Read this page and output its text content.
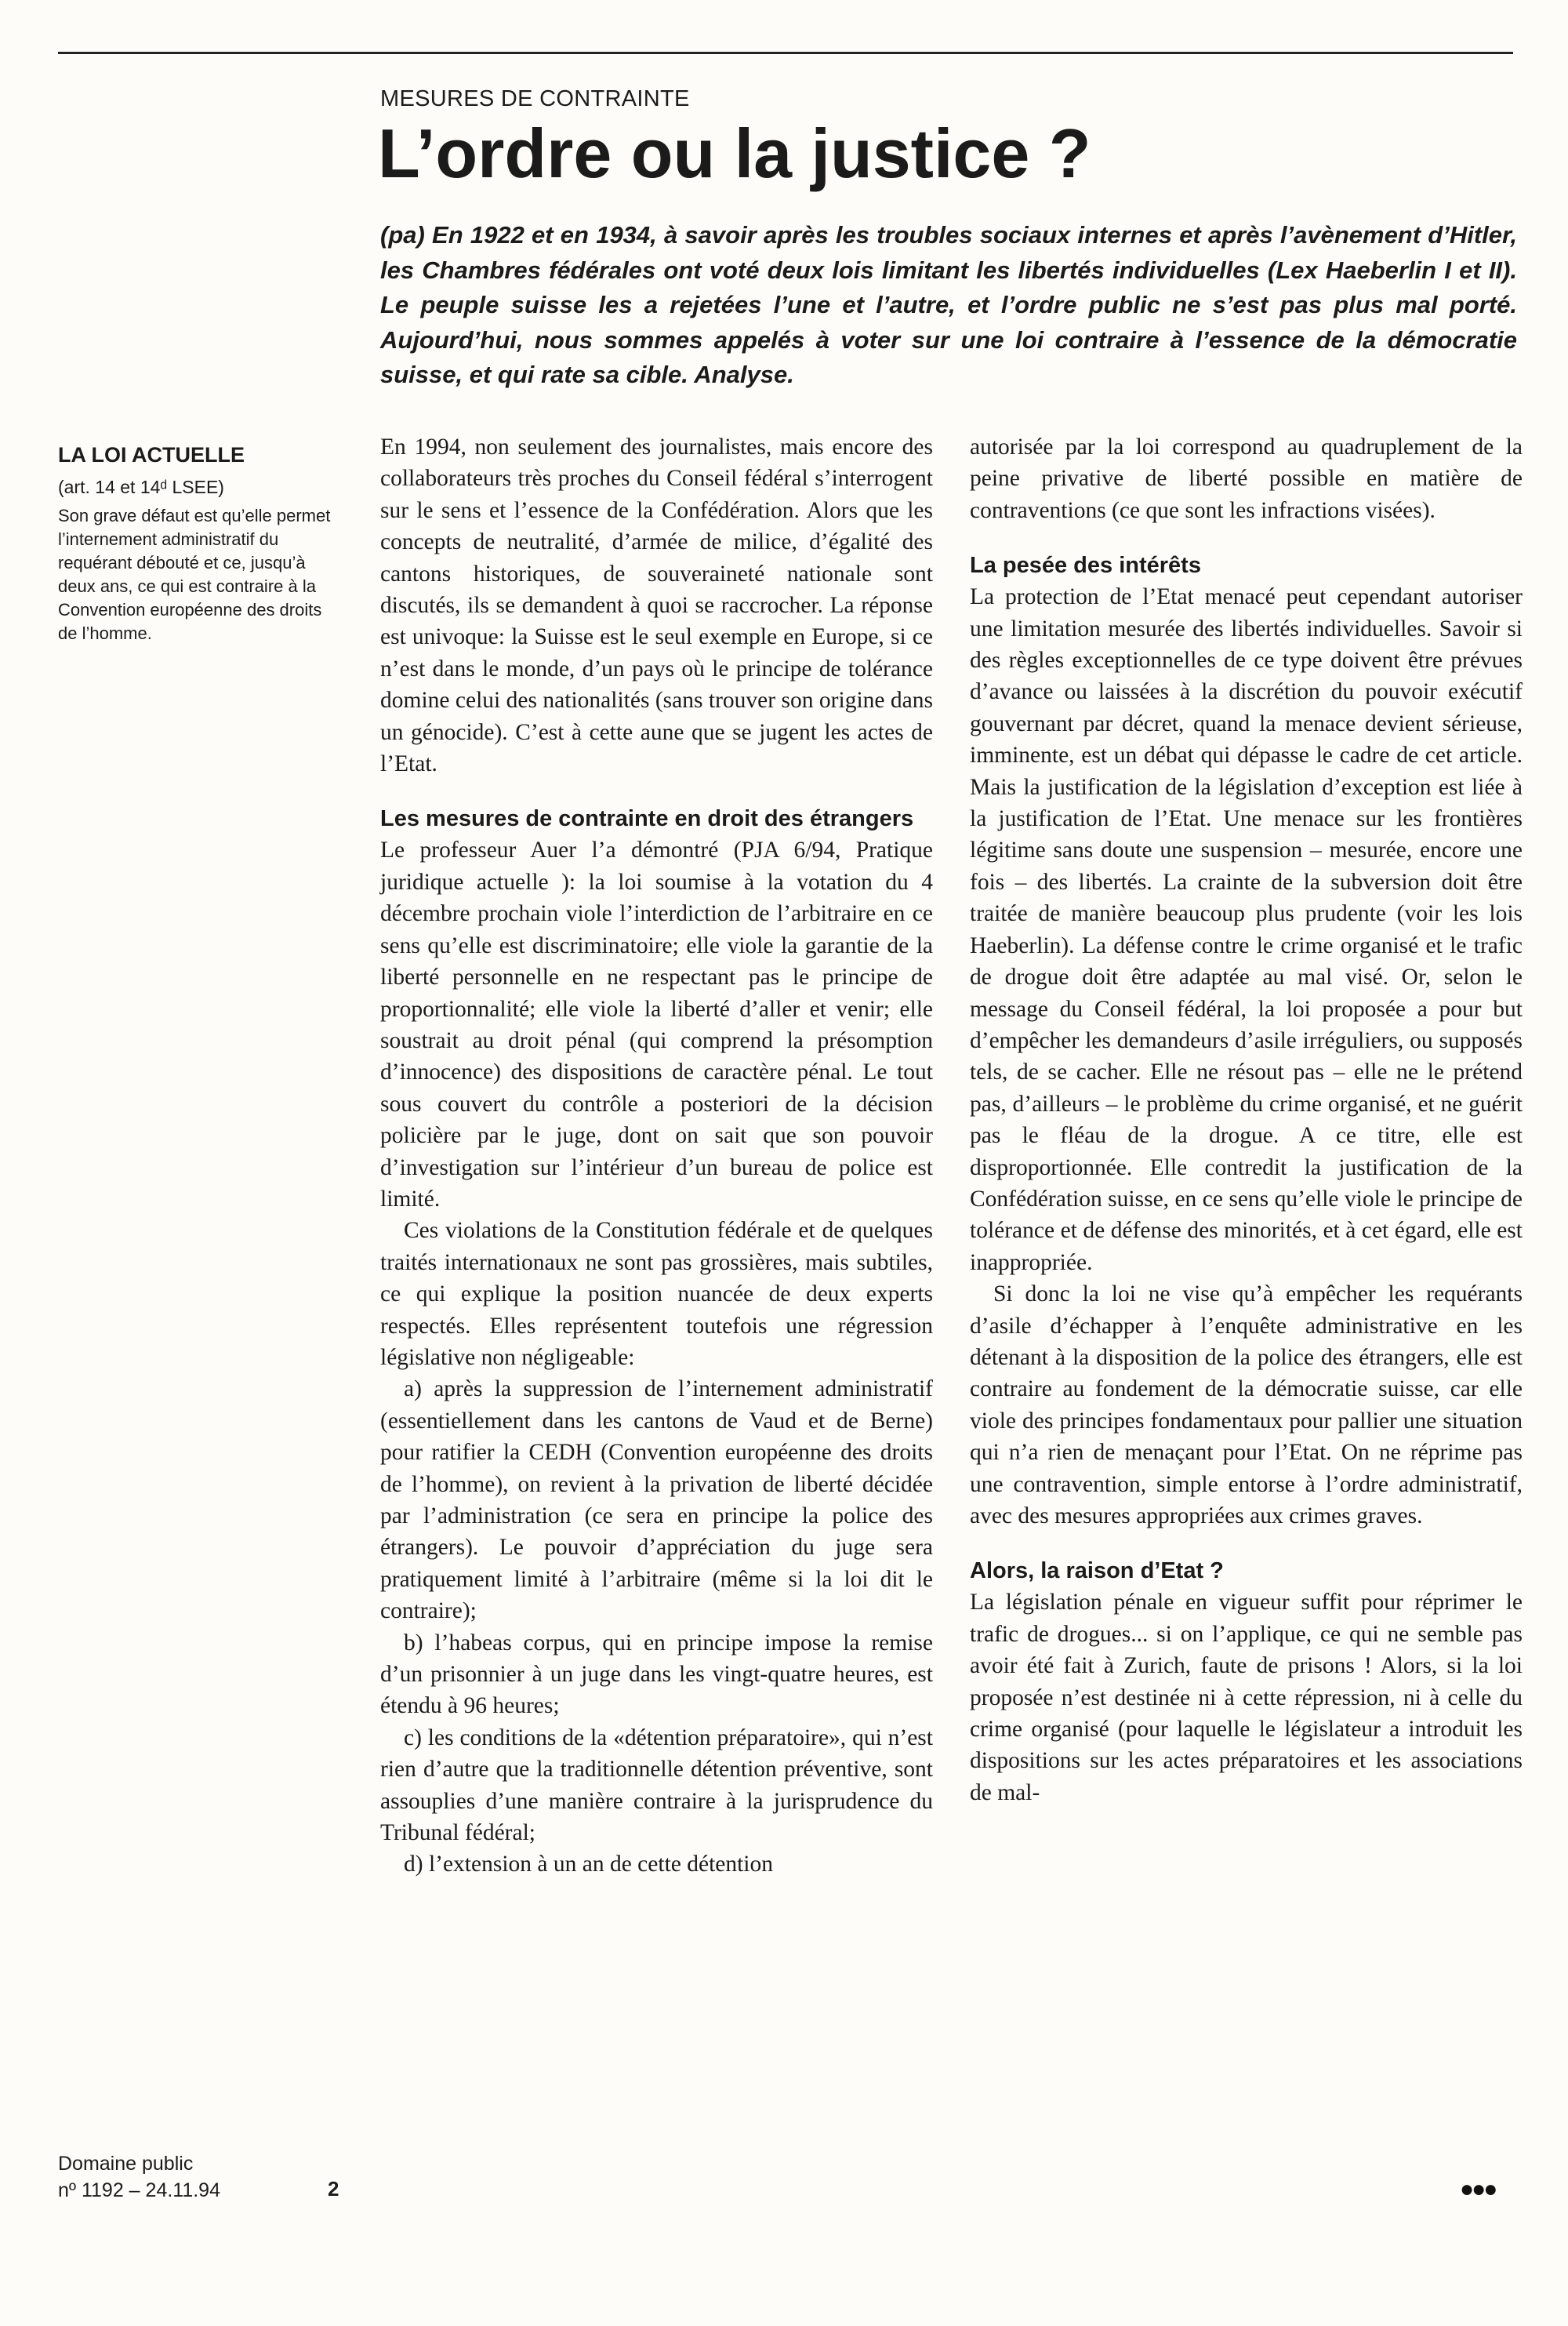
MESURES DE CONTRAINTE
L’ordre ou la justice ?

(pa) En 1922 et en 1934, à savoir après les troubles sociaux internes et après l’avènement d’Hitler, les Chambres fédérales ont voté deux lois limitant les libertés individuelles (Lex Haeberlin I et II). Le peuple suisse les a rejetées l’une et l’autre, et l’ordre public ne s’est pas plus mal porté. Aujourd’hui, nous sommes appelés à voter sur une loi contraire à l’essence de la démocratie suisse, et qui rate sa cible. Analyse.

LA LOI ACTUELLE

(art. 14 et 14ᵈ LSEE)

Son grave défaut est qu’elle permet l’internement administratif du requérant débouté et ce, jusqu’à deux ans, ce qui est contraire à la Convention européenne des droits de l’homme.

En 1994, non seulement des journalistes, mais encore des collaborateurs très proches du Conseil fédéral s’interrogent sur le sens et l’essence de la Confédération. Alors que les concepts de neutralité, d’armée de milice, d’égalité des cantons historiques, de souveraineté nationale sont discutés, ils se demandent à quoi se raccrocher. La réponse est univoque: la Suisse est le seul exemple en Europe, si ce n’est dans le monde, d’un pays où le principe de tolérance domine celui des nationalités (sans trouver son origine dans un génocide). C’est à cette aune que se jugent les actes de l’Etat.

Les mesures de contrainte en droit des étrangers

Le professeur Auer l’a démontré (PJA 6/94, Pratique juridique actuelle ): la loi soumise à la votation du 4 décembre prochain viole l’interdiction de l’arbitraire en ce sens qu’elle est discriminatoire; elle viole la garantie de la liberté personnelle en ne respectant pas le principe de proportionnalité; elle viole la liberté d’aller et venir; elle soustrait au droit pénal (qui comprend la présomption d’innocence) des dispositions de caractère pénal. Le tout sous couvert du contrôle a posteriori de la décision policière par le juge, dont on sait que son pouvoir d’investigation sur l’intérieur d’un bureau de police est limité.

Ces violations de la Constitution fédérale et de quelques traités internationaux ne sont pas grossières, mais subtiles, ce qui explique la position nuancée de deux experts respectés. Elles représentent toutefois une régression législative non négligeable:

a) après la suppression de l’internement administratif (essentiellement dans les cantons de Vaud et de Berne) pour ratifier la CEDH (Convention européenne des droits de l’homme), on revient à la privation de liberté décidée par l’administration (ce sera en principe la police des étrangers). Le pouvoir d’appréciation du juge sera pratiquement limité à l’arbitraire (même si la loi dit le contraire);

b) l’habeas corpus, qui en principe impose la remise d’un prisonnier à un juge dans les vingt-quatre heures, est étendu à 96 heures;

c) les conditions de la «détention préparatoire», qui n’est rien d’autre que la traditionnelle détention préventive, sont assouplies d’une manière contraire à la jurisprudence du Tribunal fédéral;

d) l’extension à un an de cette détention

autorisée par la loi correspond au quadruplement de la peine privative de liberté possible en matière de contraventions (ce que sont les infractions visées).

La pesée des intérêts

La protection de l’Etat menacé peut cependant autoriser une limitation mesurée des libertés individuelles. Savoir si des règles exceptionnelles de ce type doivent être prévues d’avance ou laissées à la discrétion du pouvoir exécutif gouvernant par décret, quand la menace devient sérieuse, imminente, est un débat qui dépasse le cadre de cet article. Mais la justification de la législation d’exception est liée à la justification de l’Etat. Une menace sur les frontières légitime sans doute une suspension – mesurée, encore une fois – des libertés. La crainte de la subversion doit être traitée de manière beaucoup plus prudente (voir les lois Haeberlin). La défense contre le crime organisé et le trafic de drogue doit être adaptée au mal visé. Or, selon le message du Conseil fédéral, la loi proposée a pour but d’empêcher les demandeurs d’asile irréguliers, ou supposés tels, de se cacher. Elle ne résout pas – elle ne le prétend pas, d’ailleurs – le problème du crime organisé, et ne guérit pas le fléau de la drogue. A ce titre, elle est disproportionnée. Elle contredit la justification de la Confédération suisse, en ce sens qu’elle viole le principe de tolérance et de défense des minorités, et à cet égard, elle est inappropriée.

Si donc la loi ne vise qu’à empêcher les requérants d’asile d’échapper à l’enquête administrative en les détenant à la disposition de la police des étrangers, elle est contraire au fondement de la démocratie suisse, car elle viole des principes fondamentaux pour pallier une situation qui n’a rien de menaçant pour l’Etat. On ne réprime pas une contravention, simple entorse à l’ordre administratif, avec des mesures appropriées aux crimes graves.

Alors, la raison d’Etat ?

La législation pénale en vigueur suffit pour réprimer le trafic de drogues... si on l’applique, ce qui ne semble pas avoir été fait à Zurich, faute de prisons ! Alors, si la loi proposée n’est destinée ni à cette répression, ni à celle du crime organisé (pour laquelle le législateur a introduit les dispositions sur les actes préparatoires et les associations de mal-

Domaine public
nº 1192 – 24.11.94	2	●●●
